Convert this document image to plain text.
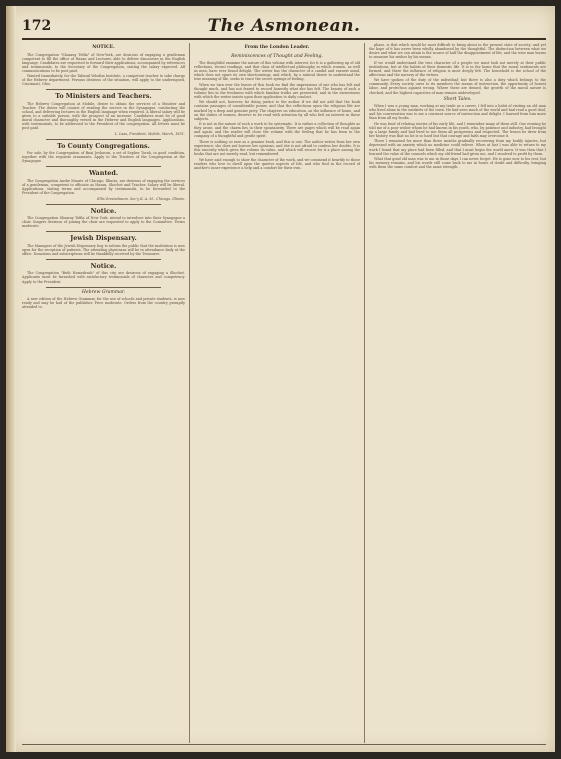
172	The Asmonean.
NOTICE.
The Congregation "Shaaray Tefila" of New-York, are desirous of engaging a gentleman competent to fill the office of Hazan and Lecturer, able to deliver discourses in the English language. Candidates are requested to forward their applications, accompanied by references and testimonials, to the Secretary of the Congregation, stating the salary expected. All communications to be post paid.
Wanted Immediately, for the Talmud Yelodim Institute, a competent teacher to take charge of the Hebrew department. Persons desirous of the situation, will apply to the undersigned, Cincinnati, Ohio.
To Ministers and Teachers.
The Hebrew Congregation at Mobile, desire to obtain the services of a Minister and Teacher. The duties will consist of reading the service in the Synagogue, conducting the school, and delivering lectures in the English language when required. A liberal salary will be given to a suitable person, with the prospect of an increase. Candidates must be of good moral character and thoroughly versed in the Hebrew and English languages. Applications, with testimonials, to be addressed to the President of the congregation. All letters must be post paid.
L. Laas, President, Mobile, March, 1851.
To County Congregations.
For sale, by the Congregation of Bnai Jeshurun, a set of Sepher Torah, in good condition, together with the requisite ornaments. Apply to the Trustees of the Congregation at the Synagogue.
Wanted.
The Congregation Anshe Maariv of Chicago, Illinois, are desirous of engaging the services of a gentleman, competent to officiate as Hazan, Shochet and Teacher. Salary will be liberal. Applications, stating terms and accompanied by testimonials, to be forwarded to the President of the Congregation.
Ellis Greenebaum, Sec'y K. A. M., Chicago, Illinois.
Notice.
The Congregation Shaaray Tefila of New York, intend to introduce into their Synagogue a choir. Singers desirous of joining the choir are requested to apply to the Committee. Terms moderate.
Jewish Dispensary.
The Managers of the Jewish Dispensary beg to inform the public that the institution is now open for the reception of patients. The attending physicians will be in attendance daily at the office. Donations and subscriptions will be thankfully received by the Treasurer.
Notice.
The Congregation "Beth Hamedrash" of this city are desirous of engaging a Shochet. Applicants must be furnished with satisfactory testimonials of character and competency. Apply to the President.
Hebrew Grammar.
A new edition of the Hebrew Grammar, for the use of schools and private students, is now ready and may be had of the publisher. Price moderate. Orders from the country promptly attended to.
From the London Leader.
Reminiscences of Thought and Feeling.
The thoughtful examine the nature of this volume with interest, for it is a gathering up of old reflections, recent readings, and that class of intellectual philosophy in which women, as well as men, have ever found delight. The writer has the character of a candid and earnest mind, which does not spare its own shortcomings, and which, by a natural desire to understand the true meaning of life, seeks to trace the secret springs of feeling.
When we turn over the leaves of this book we find the impressions of one who has felt and thought much, and has not feared to record honestly what she has felt. The beauty of such a volume lies in the freshness with which familiar truths are presented, and in the earnestness with which the writer insists upon their application to daily conduct.
We should not, however, be doing justice to the author if we did not add that the book contains passages of considerable power, and that the reflections upon the religious life are marked by a deep and genuine piety. The chapters on education, on the influence of home, and on the duties of women, deserve to be read with attention by all who feel an interest in these subjects.
It is not in the nature of such a work to be systematic. It is rather a collection of thoughts as they arose, and the charm lies in their spontaneity. There are pages which will be read again and again, and the reader will close the volume with the feeling that he has been in the company of a thoughtful and gentle spirit.
There is nothing so rare as a genuine book, and this is one. The author writes from her own experience; she does not borrow her opinions, and she is not afraid to confess her doubts. It is this sincerity which gives the volume its value, and which will secure for it a place among the books that are not merely read, but remembered.
We have said enough to show the character of the work, and we commend it heartily to those readers who love to dwell upon the quieter aspects of life, and who find in the record of another's inner experience a help and a comfort for their own.
phase, is that which would be most difficult to bring about in the present state of society; and yet the hope of it has never been wholly abandoned by the thoughtful. The distinction between what we desire and what we can attain is the source of half the disappointment of life, and the wise man learns to measure his wishes by his means.
If we would understand the true character of a people we must look not merely at their public institutions, but at the habits of their domestic life. It is in the home that the moral sentiments are formed, and there the influence of religion is most deeply felt. The household is the school of the affections and the nursery of the virtues.
We have spoken of the duty of the individual; but there is also a duty which belongs to the community. Every society owes to its members the means of instruction, the opportunity of honest labor, and protection against wrong. Where these are denied, the growth of the moral nature is checked, and the highest capacities of man remain undeveloped.
Short Tales.
When I was a young man, working at my trade as a carver, I fell into a habit of visiting an old man who lived alone in the outskirts of the town. He had seen much of the world and had read a good deal, and his conversation was to me a constant source of instruction and delight. I learned from him more than from all my books.
He was fond of relating stories of his early life, and I remember many of them still. One evening he told me of a poor widow whom he had known in his youth, who, by patience and industry, had brought up a large family and had lived to see them all prosperous and respected. The lesson he drew from her history was that no lot is so hard but that courage and faith may overcome it.
There I remained for more than three months gradually recovering from my bodily injuries, but depressed with an anxiety which no medicine could relieve. When at last I was able to return to my work I found that my place had been filled, and that I must begin the world anew. It was then that I learned the value of the counsels which my old friend had given me, and I resolved to profit by them.
What that good old man was to me in those days I can never forget. He is gone now to his rest, but his memory remains, and his words still come back to me in hours of doubt and difficulty, bringing with them the same comfort and the same strength.
